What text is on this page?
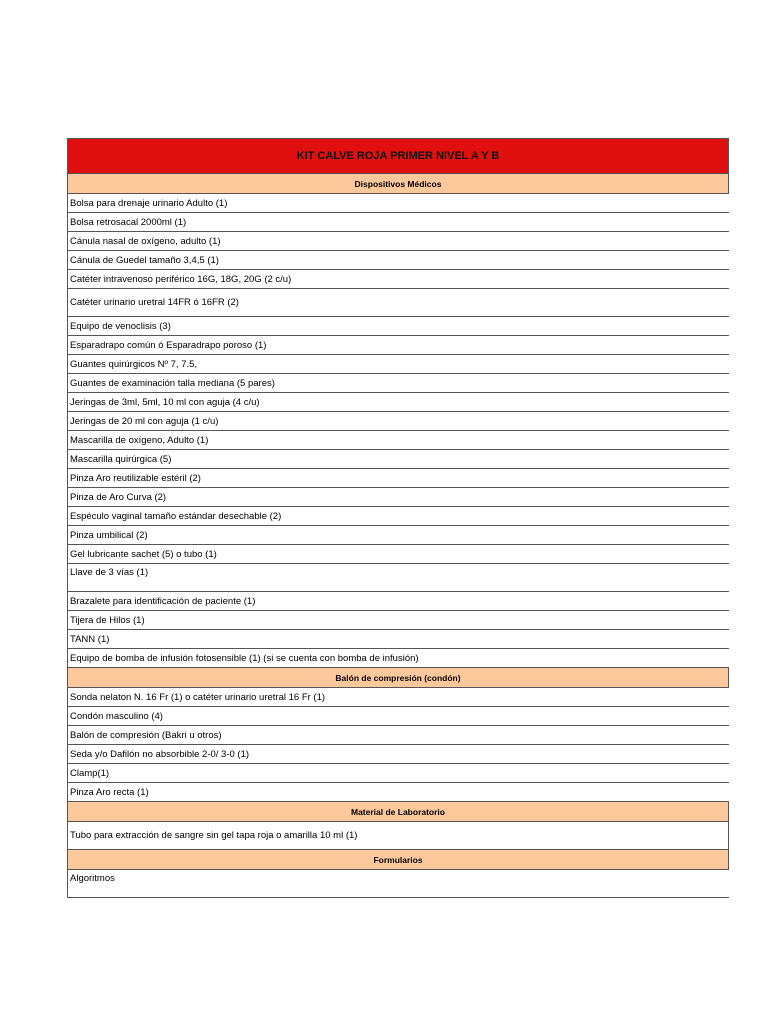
KIT CALVE ROJA PRIMER NIVEL A Y B
Dispositivos Médicos
Bolsa para drenaje urinario Adulto (1)
Bolsa retrosacal 2000ml (1)
Cánula nasal de oxígeno, adulto (1)
Cánula de Guedel tamaño 3,4,5 (1)
Catéter intravenoso periférico 16G, 18G, 20G (2 c/u)
Catéter urinario uretral 14FR ó 16FR (2)
Equipo de venoclisis (3)
Esparadrapo común ó Esparadrapo poroso (1)
Guantes quirúrgicos Nº 7, 7.5,
Guantes de examinación talla mediana (5 pares)
Jeringas de 3ml, 5ml, 10 ml con aguja (4 c/u)
Jeringas de 20 ml con aguja (1 c/u)
Mascarilla de oxígeno, Adulto (1)
Mascarilla quirúrgica (5)
Pinza Aro reutilizable estéril (2)
Pinza de Aro Curva (2)
Espéculo vaginal tamaño estándar desechable (2)
Pinza umbilical (2)
Gel lubricante sachet (5) o tubo (1)
Llave de 3 vías (1)
Brazalete para identificación de paciente (1)
Tijera de Hilos (1)
TANN (1)
Equipo de bomba de infusión fotosensible (1) (si se cuenta con bomba de infusión)
Balón de compresión (condón)
Sonda nelaton N. 16 Fr (1) o catéter urinario uretral 16 Fr (1)
Condón masculino (4)
Balón de compresión (Bakri u otros)
Seda y/o Dafilón no absorbible 2-0/ 3-0 (1)
Clamp(1)
Pinza Aro recta (1)
Material de Laboratorio
Tubo para extracción de sangre sin gel tapa roja o amarilla 10 ml (1)
Formularios
Algoritmos
